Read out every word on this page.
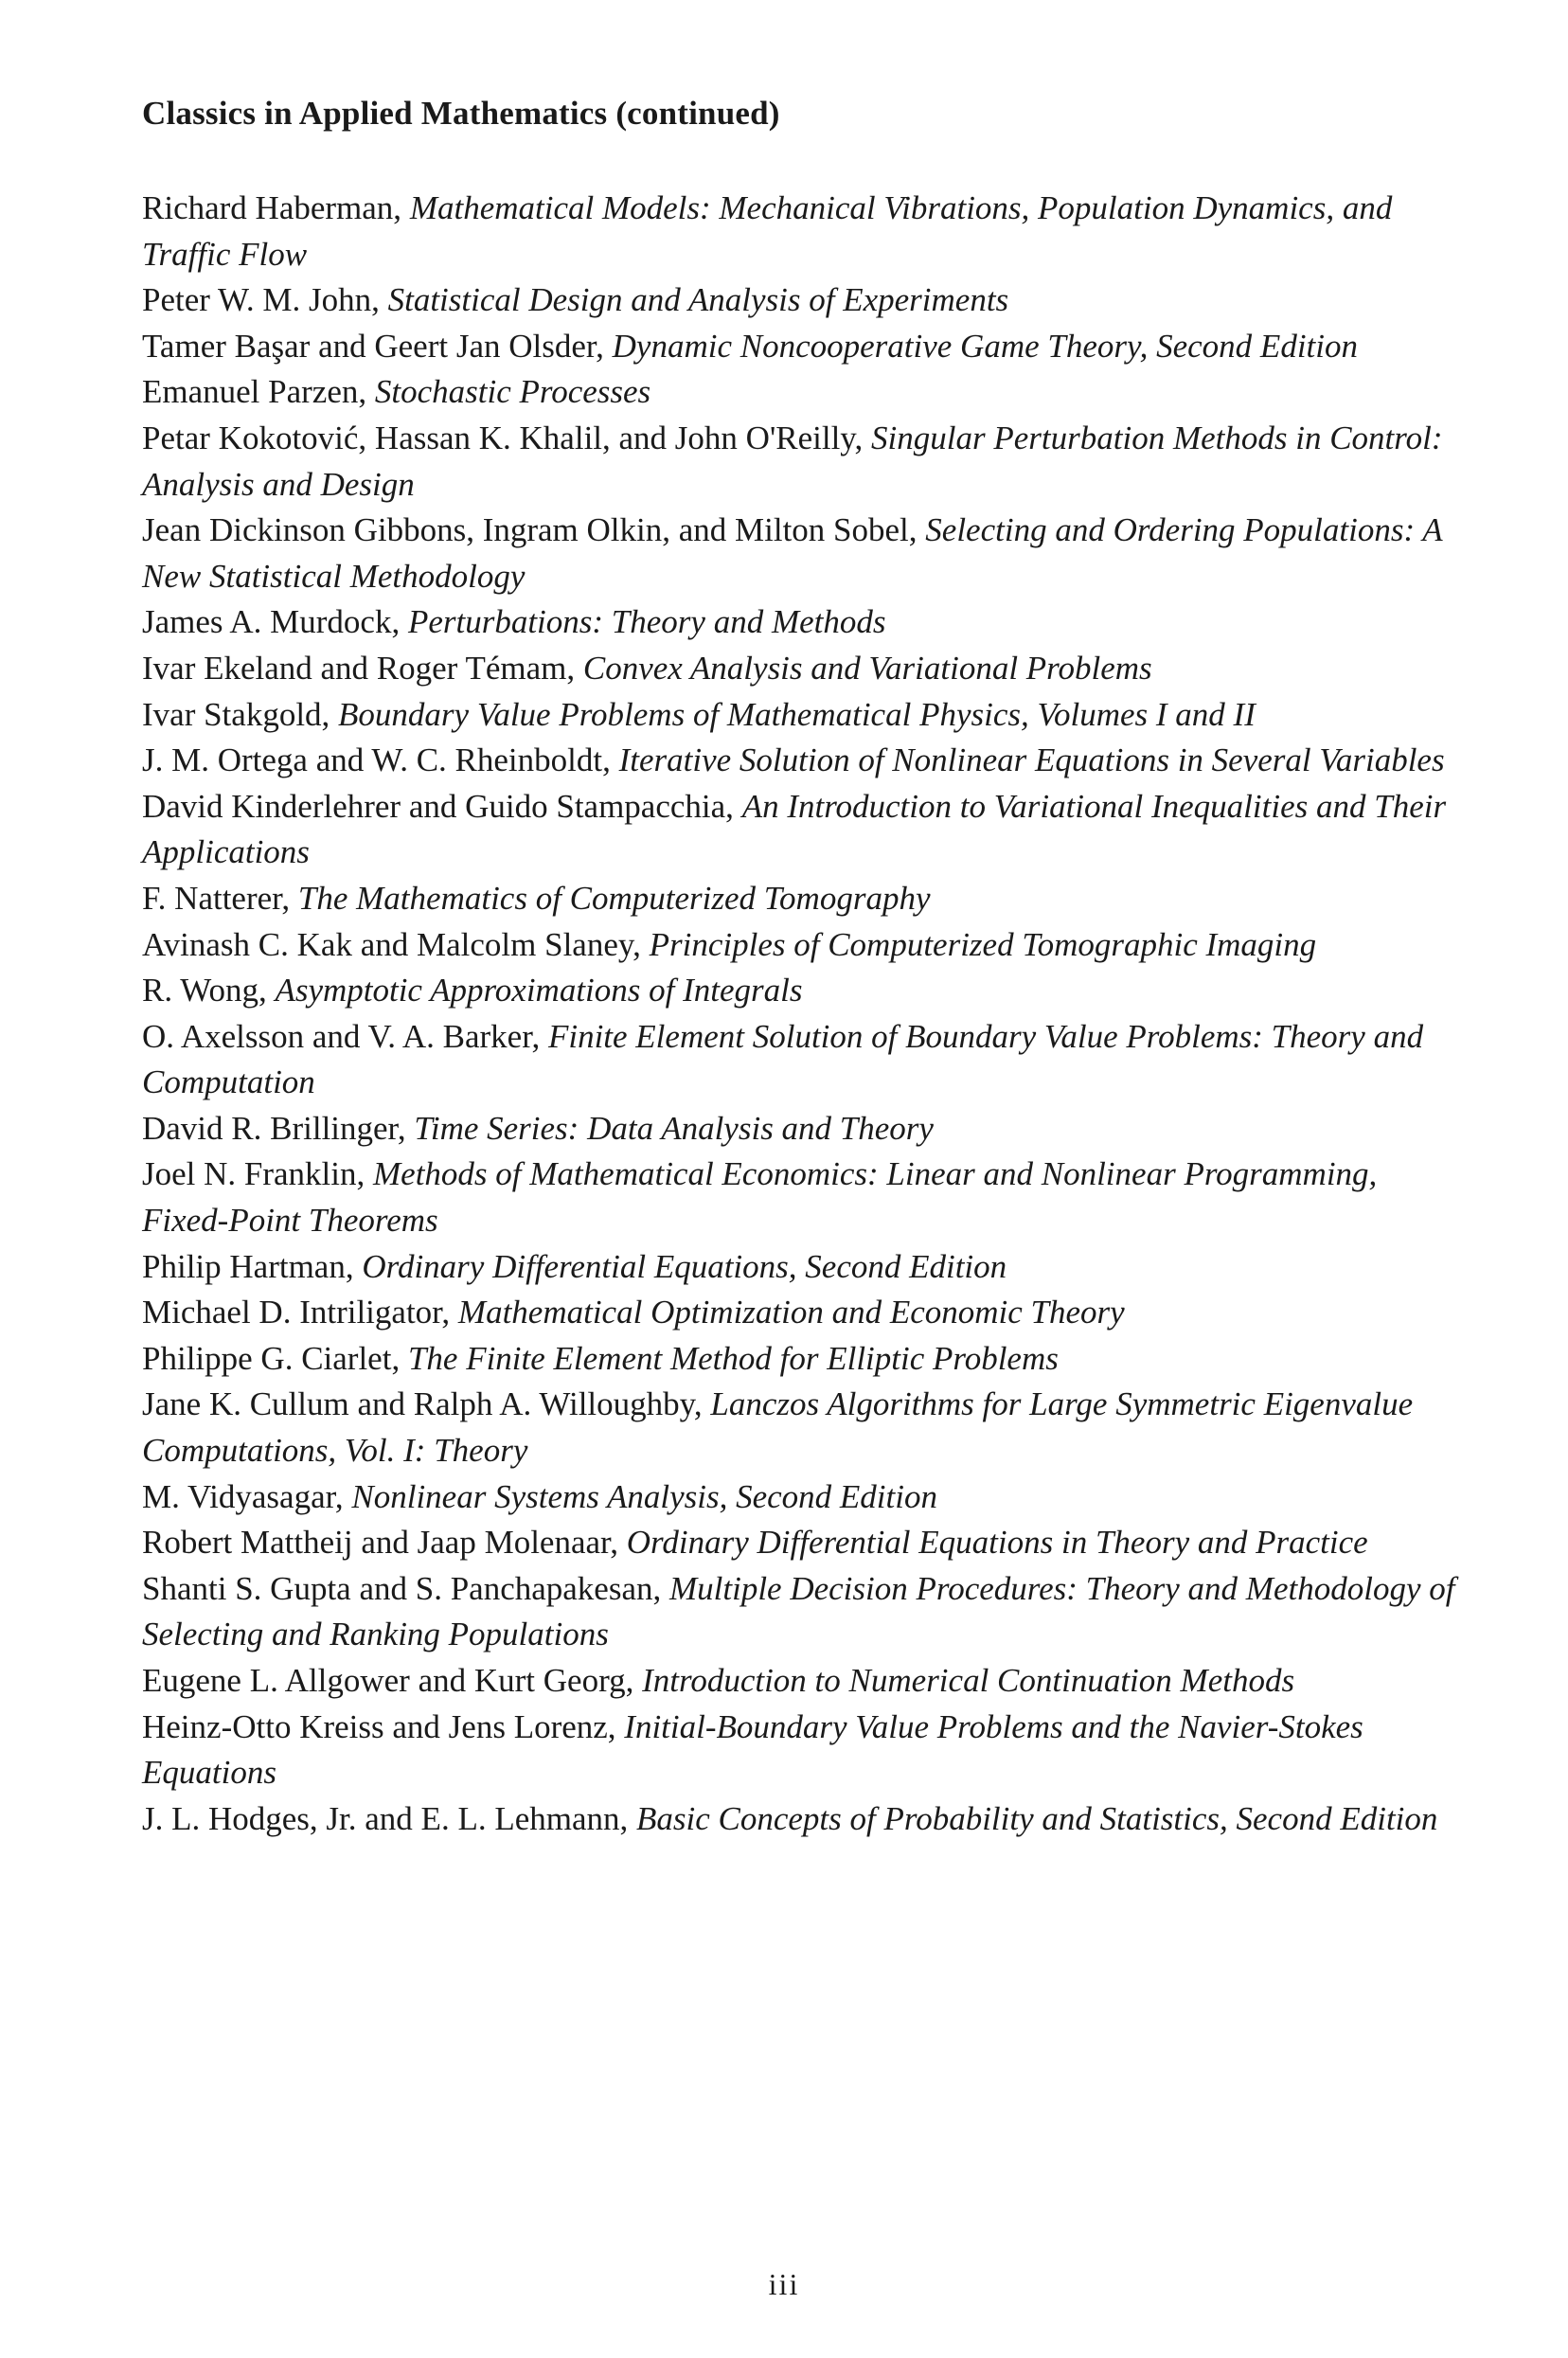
Classics in Applied Mathematics (continued)
Richard Haberman, Mathematical Models: Mechanical Vibrations, Population Dynamics, and Traffic Flow
Peter W. M. John, Statistical Design and Analysis of Experiments
Tamer Başar and Geert Jan Olsder, Dynamic Noncooperative Game Theory, Second Edition
Emanuel Parzen, Stochastic Processes
Petar Kokotović, Hassan K. Khalil, and John O'Reilly, Singular Perturbation Methods in Control: Analysis and Design
Jean Dickinson Gibbons, Ingram Olkin, and Milton Sobel, Selecting and Ordering Populations: A New Statistical Methodology
James A. Murdock, Perturbations: Theory and Methods
Ivar Ekeland and Roger Témam, Convex Analysis and Variational Problems
Ivar Stakgold, Boundary Value Problems of Mathematical Physics, Volumes I and II
J. M. Ortega and W. C. Rheinboldt, Iterative Solution of Nonlinear Equations in Several Variables
David Kinderlehrer and Guido Stampacchia, An Introduction to Variational Inequalities and Their Applications
F. Natterer, The Mathematics of Computerized Tomography
Avinash C. Kak and Malcolm Slaney, Principles of Computerized Tomographic Imaging
R. Wong, Asymptotic Approximations of Integrals
O. Axelsson and V. A. Barker, Finite Element Solution of Boundary Value Problems: Theory and Computation
David R. Brillinger, Time Series: Data Analysis and Theory
Joel N. Franklin, Methods of Mathematical Economics: Linear and Nonlinear Programming, Fixed-Point Theorems
Philip Hartman, Ordinary Differential Equations, Second Edition
Michael D. Intriligator, Mathematical Optimization and Economic Theory
Philippe G. Ciarlet, The Finite Element Method for Elliptic Problems
Jane K. Cullum and Ralph A. Willoughby, Lanczos Algorithms for Large Symmetric Eigenvalue Computations, Vol. I: Theory
M. Vidyasagar, Nonlinear Systems Analysis, Second Edition
Robert Mattheij and Jaap Molenaar, Ordinary Differential Equations in Theory and Practice
Shanti S. Gupta and S. Panchapakesan, Multiple Decision Procedures: Theory and Methodology of Selecting and Ranking Populations
Eugene L. Allgower and Kurt Georg, Introduction to Numerical Continuation Methods
Heinz-Otto Kreiss and Jens Lorenz, Initial-Boundary Value Problems and the Navier-Stokes Equations
J. L. Hodges, Jr. and E. L. Lehmann, Basic Concepts of Probability and Statistics, Second Edition
iii
